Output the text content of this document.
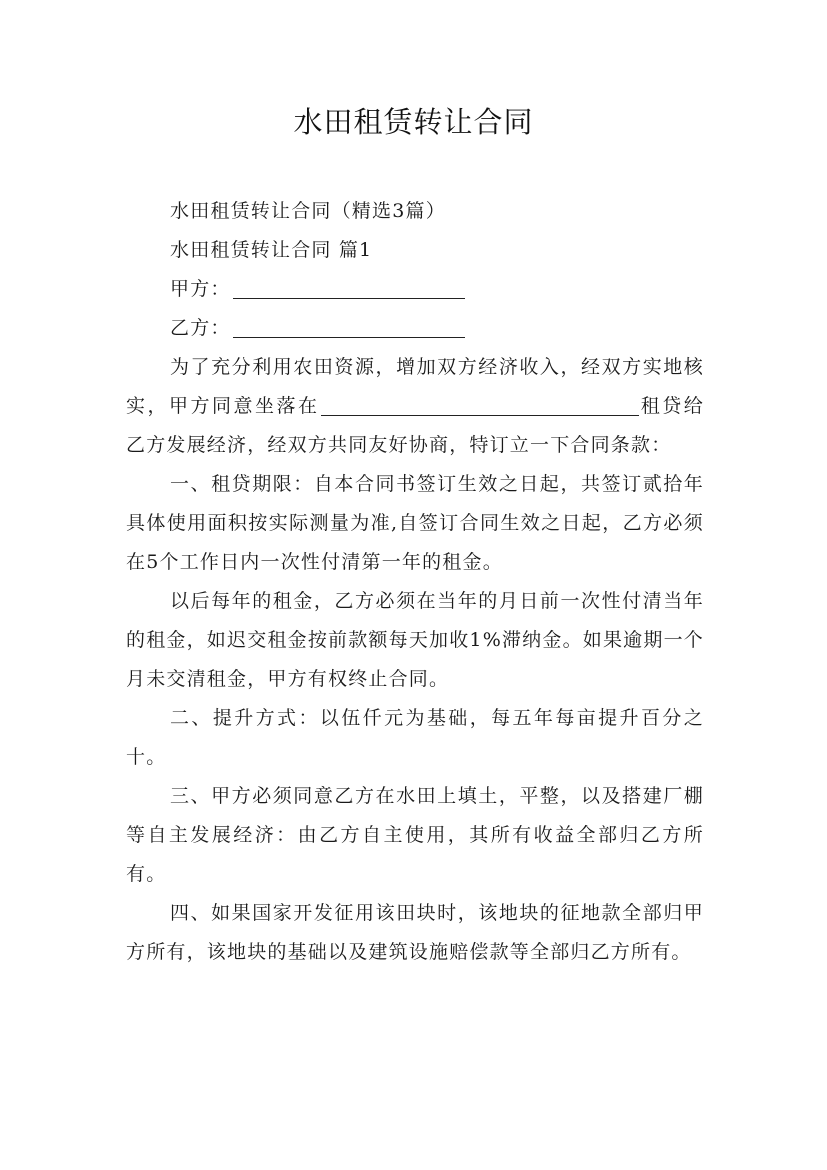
水田租赁转让合同
水田租赁转让合同（精选3篇）
水田租赁转让合同 篇1
甲方：
乙方：

为了充分利用农田资源，增加双方经济收入，经双方实地核实，甲方同意坐落在	租贷给乙方发展经济，经双方共同友好协商，特订立一下合同条款：

一、租贷期限：自本合同书签订生效之日起，共签订贰拾年具体使用面积按实际测量为准,自签订合同生效之日起，乙方必须在5个工作日内一次性付清第一年的租金。

以后每年的租金，乙方必须在当年的月日前一次性付清当年的租金，如迟交租金按前款额每天加收1%滞纳金。如果逾期一个月未交清租金，甲方有权终止合同。

二、提升方式：以伍仟元为基础，每五年每亩提升百分之十。

三、甲方必须同意乙方在水田上填土，平整，以及搭建厂棚等自主发展经济：由乙方自主使用，其所有收益全部归乙方所有。

四、如果国家开发征用该田块时，该地块的征地款全部归甲方所有，该地块的基础以及建筑设施赔偿款等全部归乙方所有。
